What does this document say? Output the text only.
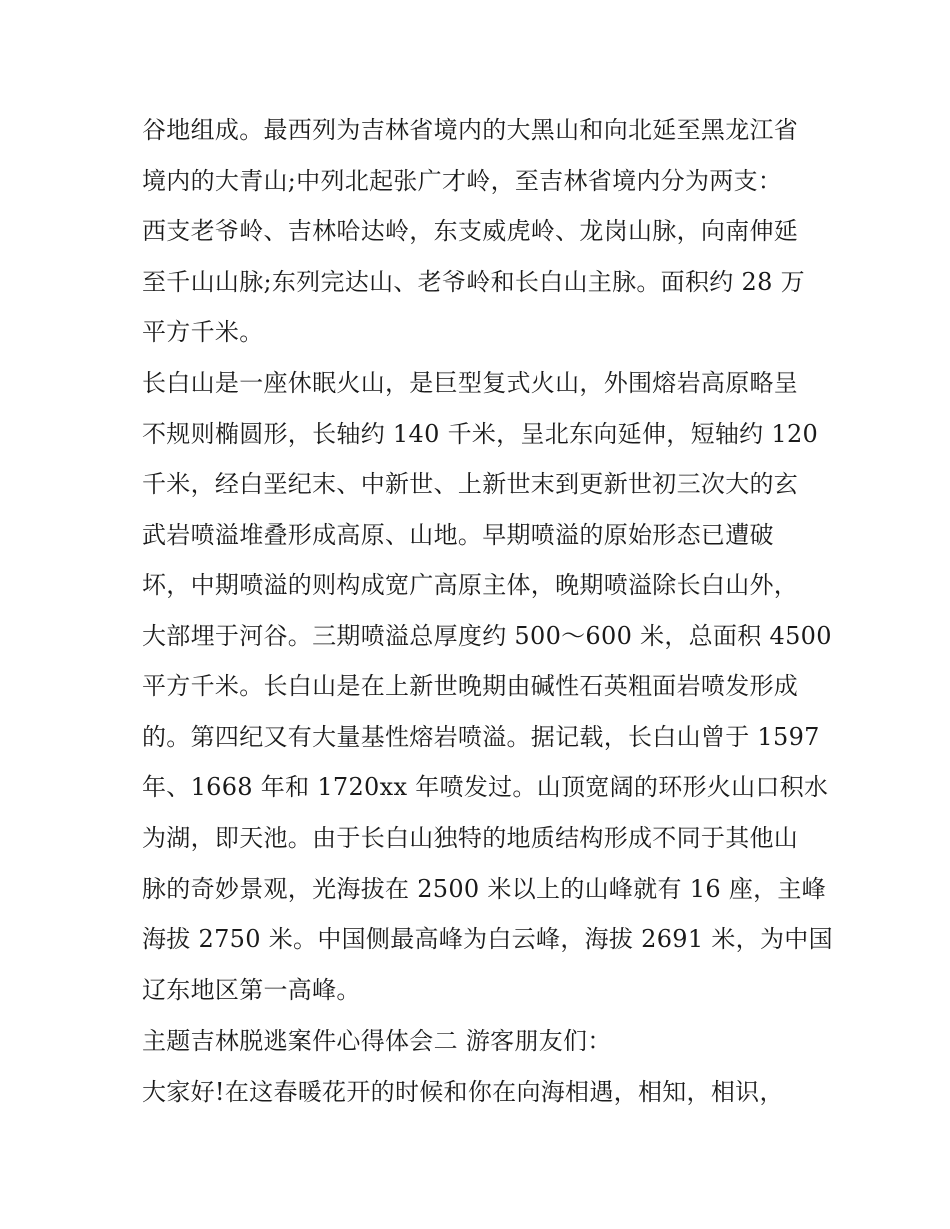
谷地组成。最西列为吉林省境内的大黑山和向北延至黑龙江省
境内的大青山;中列北起张广才岭，至吉林省境内分为两支：
西支老爷岭、吉林哈达岭，东支威虎岭、龙岗山脉，向南伸延
至千山山脉;东列完达山、老爷岭和长白山主脉。面积约 28 万
平方千米。
长白山是一座休眠火山，是巨型复式火山，外围熔岩高原略呈
不规则椭圆形，长轴约 140 千米，呈北东向延伸，短轴约 120
千米，经白垩纪末、中新世、上新世末到更新世初三次大的玄
武岩喷溢堆叠形成高原、山地。早期喷溢的原始形态已遭破
坏，中期喷溢的则构成宽广高原主体，晚期喷溢除长白山外，
大部埋于河谷。三期喷溢总厚度约 500～600 米，总面积 4500
平方千米。长白山是在上新世晚期由碱性石英粗面岩喷发形成
的。第四纪又有大量基性熔岩喷溢。据记载，长白山曾于 1597
年、1668 年和 1720xx 年喷发过。山顶宽阔的环形火山口积水
为湖，即天池。由于长白山独特的地质结构形成不同于其他山
脉的奇妙景观，光海拔在 2500 米以上的山峰就有 16 座，主峰
海拔 2750 米。中国侧最高峰为白云峰，海拔 2691 米，为中国
辽东地区第一高峰。
主题吉林脱逃案件心得体会二 游客朋友们：
大家好!在这春暖花开的时候和你在向海相遇，相知，相识，
